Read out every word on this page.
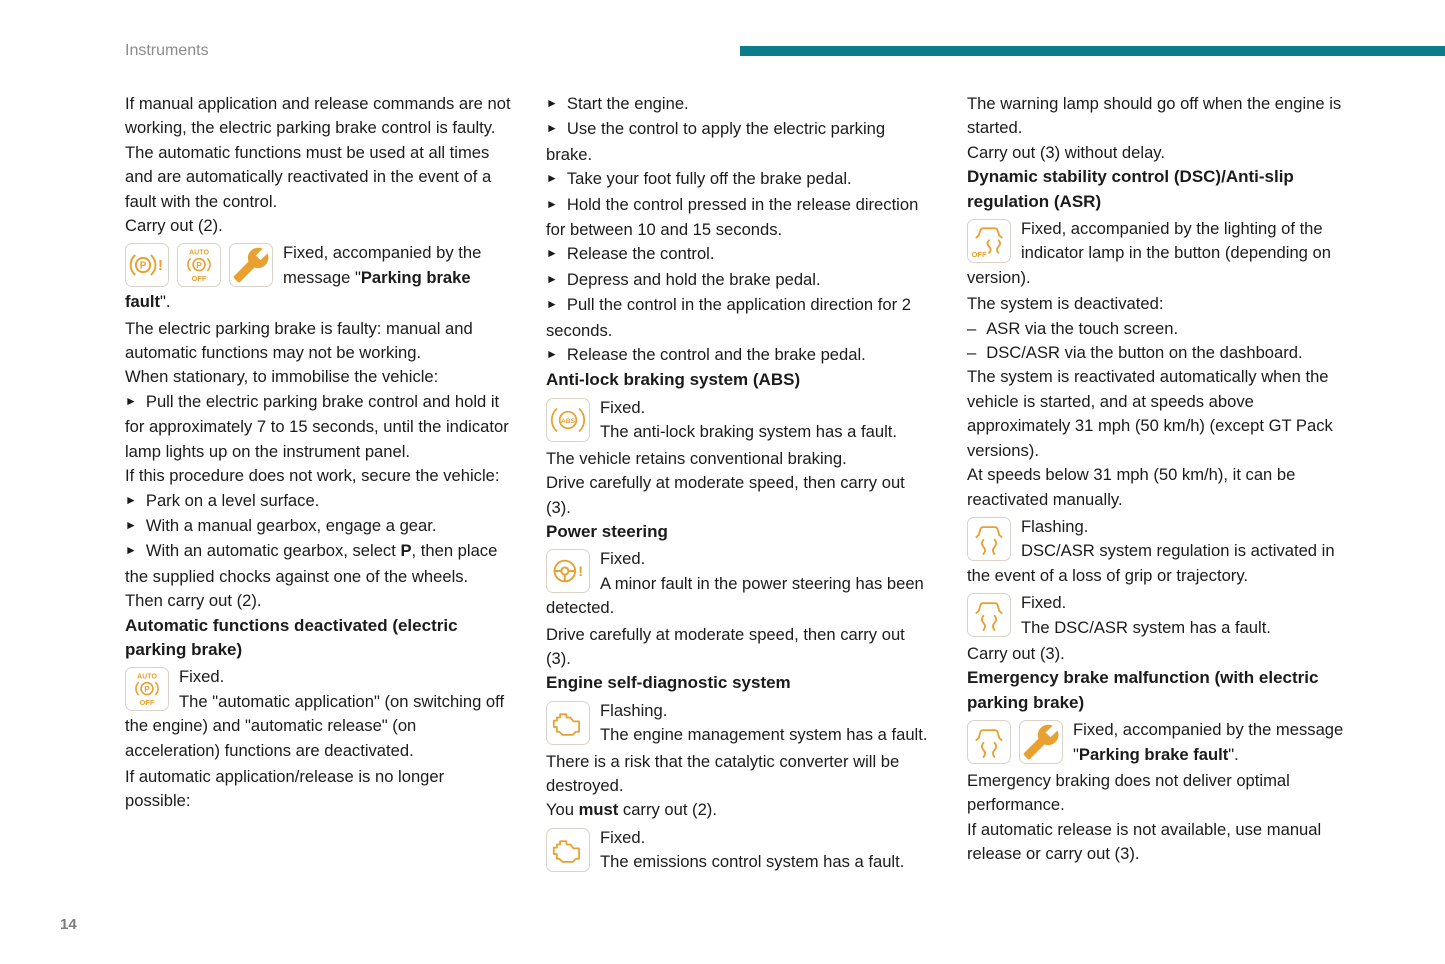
Instruments

If manual application and release commands are not working, the electric parking brake control is faulty.

The automatic functions must be used at all times and are automatically reactivated in the event of a fault with the control.

Carry out (2).

Fixed, accompanied by the message "Parking brake fault".

The electric parking brake is faulty: manual and automatic functions may not be working.

When stationary, to immobilise the vehicle:

► Pull the electric parking brake control and hold it for approximately 7 to 15 seconds, until the indicator lamp lights up on the instrument panel.

If this procedure does not work, secure the vehicle:

► Park on a level surface.

► With a manual gearbox, engage a gear.

► With an automatic gearbox, select P, then place the supplied chocks against one of the wheels.

Then carry out (2).

Automatic functions deactivated (electric parking brake)

Fixed.
The "automatic application" (on switching off the engine) and "automatic release" (on acceleration) functions are deactivated.

If automatic application/release is no longer possible:

► Start the engine.

► Use the control to apply the electric parking brake.

► Take your foot fully off the brake pedal.

► Hold the control pressed in the release direction for between 10 and 15 seconds.

► Release the control.

► Depress and hold the brake pedal.

► Pull the control in the application direction for 2 seconds.

► Release the control and the brake pedal.

Anti-lock braking system (ABS)

Fixed.
The anti-lock braking system has a fault.

The vehicle retains conventional braking.

Drive carefully at moderate speed, then carry out (3).

Power steering

Fixed.
A minor fault in the power steering has been detected.

Drive carefully at moderate speed, then carry out (3).

Engine self-diagnostic system

Flashing.
The engine management system has a fault.

There is a risk that the catalytic converter will be destroyed.

You must carry out (2).

Fixed.
The emissions control system has a fault.

The warning lamp should go off when the engine is started.

Carry out (3) without delay.

Dynamic stability control (DSC)/Anti-slip regulation (ASR)

Fixed, accompanied by the lighting of the indicator lamp in the button (depending on version).

The system is deactivated:

– ASR via the touch screen.

– DSC/ASR via the button on the dashboard.

The system is reactivated automatically when the vehicle is started, and at speeds above approximately 31 mph (50 km/h) (except GT Pack versions).

At speeds below 31 mph (50 km/h), it can be reactivated manually.

Flashing.
DSC/ASR system regulation is activated in the event of a loss of grip or trajectory.
Fixed.
The DSC/ASR system has a fault.

Carry out (3).

Emergency brake malfunction (with electric parking brake)

Fixed, accompanied by the message "Parking brake fault".

Emergency braking does not deliver optimal performance.

If automatic release is not available, use manual release or carry out (3).

14
